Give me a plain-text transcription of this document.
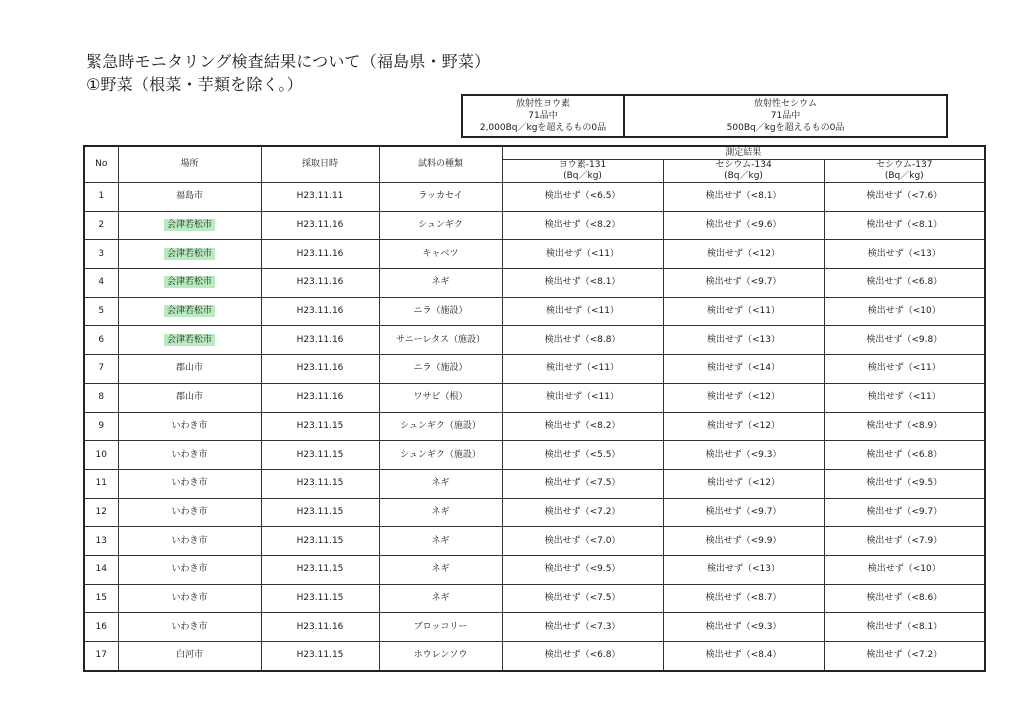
緊急時モニタリング検査結果について（福島県・野菜）
①野菜（根菜・芋類を除く。）
放射性ヨウ素
71品中
2,000Bq／kgを超えるもの0品

放射性セシウム
71品中
500Bq／kgを超えるもの0品
No	場所	採取日時	試料の種類	測定結果		

				ヨウ素-131
(Bq／kg)	セシウム-134
(Bq／kg)	セシウム-137
(Bq／kg)

1	福島市	H23.11.11	ラッカセイ	検出せず（<6.5）	検出せず（<8.1）	検出せず（<7.6）
2	会津若松市	H23.11.16	シュンギク	検出せず（<8.2）	検出せず（<9.6）	検出せず（<8.1）
3	会津若松市	H23.11.16	キャベツ	検出せず（<11）	検出せず（<12）	検出せず（<13）
4	会津若松市	H23.11.16	ネギ	検出せず（<8.1）	検出せず（<9.7）	検出せず（<6.8）
5	会津若松市	H23.11.16	ニラ（施設）	検出せず（<11）	検出せず（<11）	検出せず（<10）
6	会津若松市	H23.11.16	サニーレタス（施設）	検出せず（<8.8）	検出せず（<13）	検出せず（<9.8）
7	郡山市	H23.11.16	ニラ（施設）	検出せず（<11）	検出せず（<14）	検出せず（<11）
8	郡山市	H23.11.16	ワサビ（根）	検出せず（<11）	検出せず（<12）	検出せず（<11）
9	いわき市	H23.11.15	シュンギク（施設）	検出せず（<8.2）	検出せず（<12）	検出せず（<8.9）
10	いわき市	H23.11.15	シュンギク（施設）	検出せず（<5.5）	検出せず（<9.3）	検出せず（<6.8）
11	いわき市	H23.11.15	ネギ	検出せず（<7.5）	検出せず（<12）	検出せず（<9.5）
12	いわき市	H23.11.15	ネギ	検出せず（<7.2）	検出せず（<9.7）	検出せず（<9.7）
13	いわき市	H23.11.15	ネギ	検出せず（<7.0）	検出せず（<9.9）	検出せず（<7.9）
14	いわき市	H23.11.15	ネギ	検出せず（<9.5）	検出せず（<13）	検出せず（<10）
15	いわき市	H23.11.15	ネギ	検出せず（<7.5）	検出せず（<8.7）	検出せず（<8.6）
16	いわき市	H23.11.16	ブロッコリー	検出せず（<7.3）	検出せず（<9.3）	検出せず（<8.1）
17	白河市	H23.11.15	ホウレンソウ	検出せず（<6.8）	検出せず（<8.4）	検出せず（<7.2）
